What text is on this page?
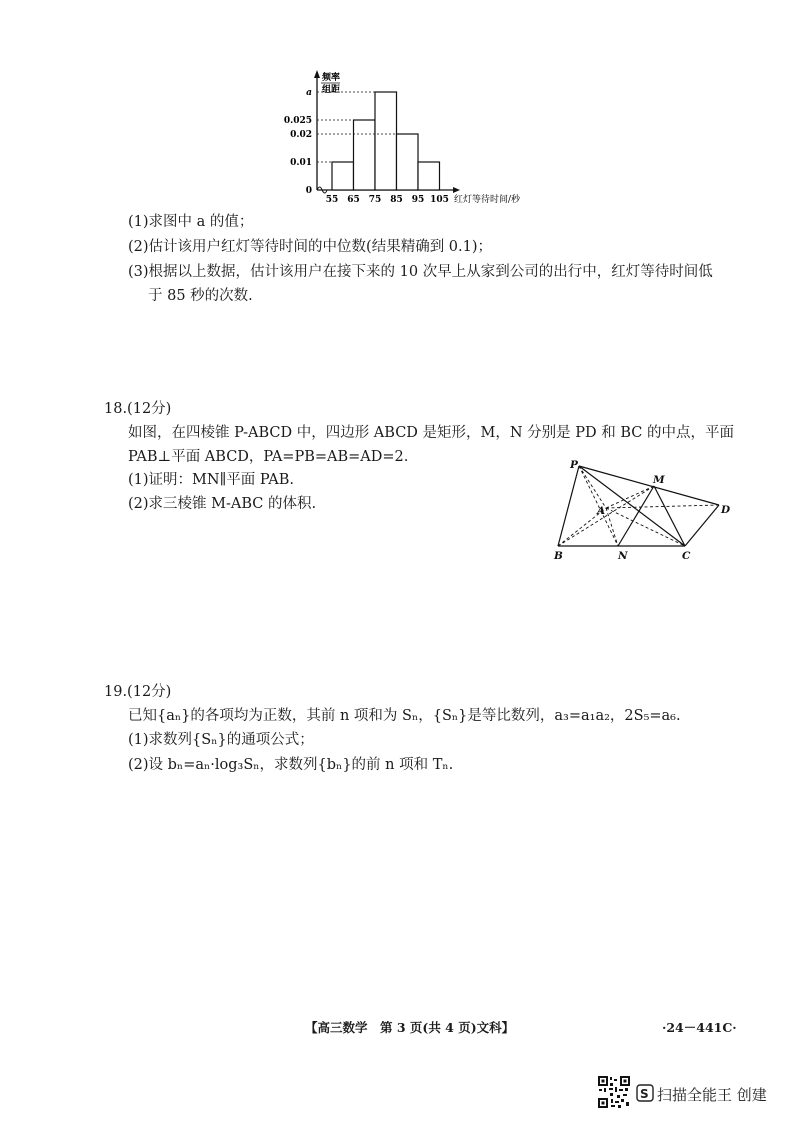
频率
组距
0
0.01
0.02
0.025
a
55 65 75 85 95 105 红灯等待时间/秒
(1)求图中 a 的值；
(2)估计该用户红灯等待时间的中位数(结果精确到 0.1)；
(3)根据以上数据，估计该用户在接下来的 10 次早上从家到公司的出行中，红灯等待时间低
于 85 秒的次数.
18.(12分)
如图，在四棱锥 P-ABCD 中，四边形 ABCD 是矩形，M，N 分别是 PD 和 BC 的中点，平面
PAB⊥平面 ABCD，PA=PB=AB=AD=2.
(1)证明：MN∥平面 PAB.
(2)求三棱锥 M-ABC 的体积.
P
M
A	D
B	N	C
19.(12分)
已知{aₙ}的各项均为正数，其前 n 项和为 Sₙ，{Sₙ}是等比数列，a₃=a₁a₂，2S₅=a₆.
(1)求数列{Sₙ}的通项公式；
(2)设 bₙ=aₙ·log₃Sₙ，求数列{bₙ}的前 n 项和 Tₙ.
【高三数学　第 3 页(共 4 页)文科】	·24－441C·
S 扫描全能王 创建
